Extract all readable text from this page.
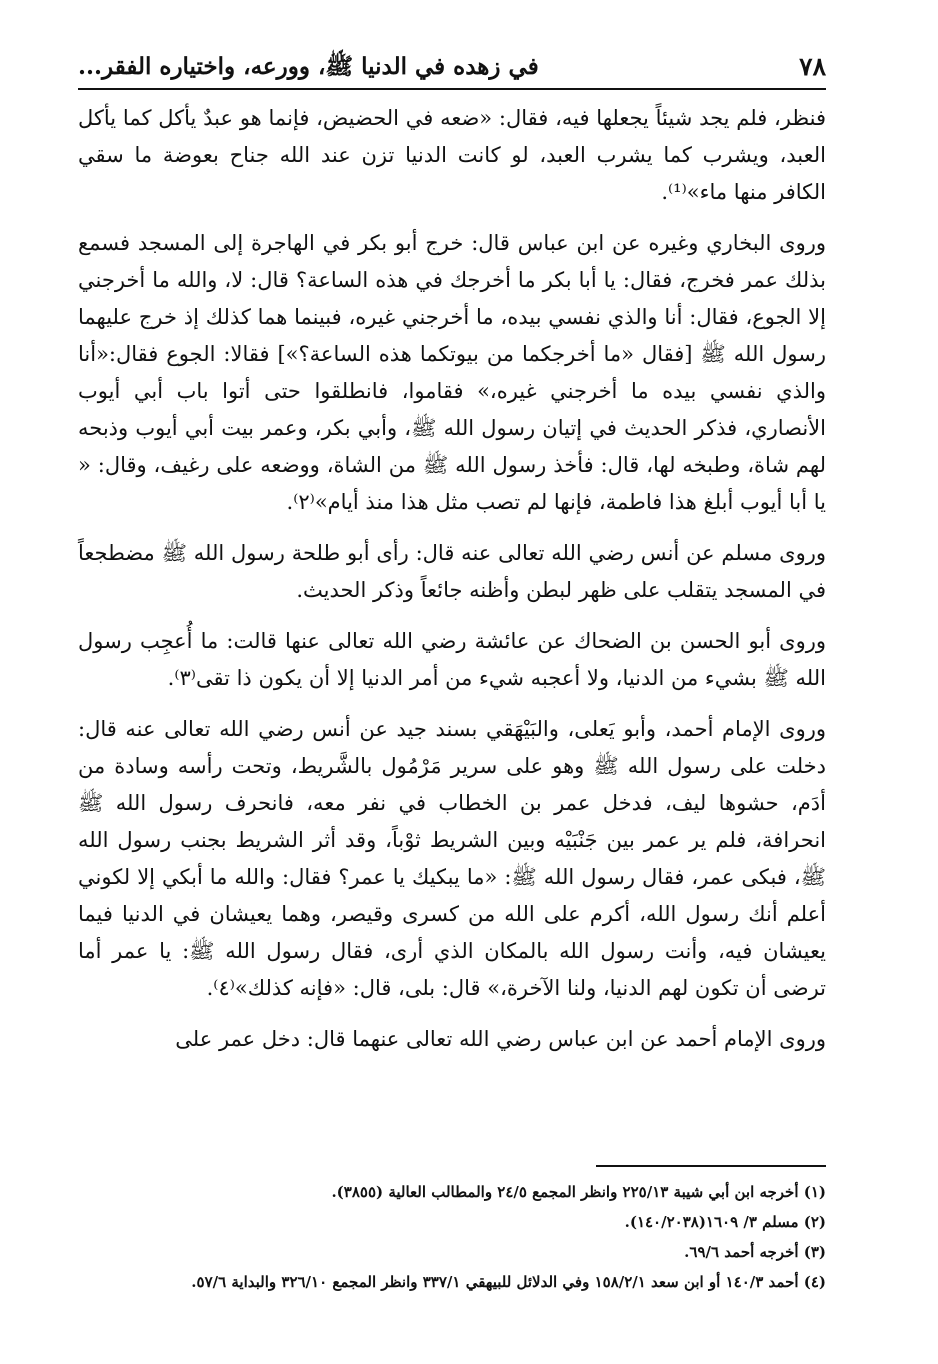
٧٨
في زهده في الدنيا ﷺ، وورعه، واختياره الفقر...

فنظر، فلم يجد شيئاً يجعلها فيه، فقال: «ضعه في الحضيض، فإنما هو عبدٌ يأكل كما يأكل العبد، ويشرب كما يشرب العبد، لو كانت الدنيا تزن عند الله جناح بعوضة ما سقي الكافر منها ماء»⁽¹⁾.

وروى البخاري وغيره عن ابن عباس قال: خرج أبو بكر في الهاجرة إلى المسجد فسمع بذلك عمر فخرج، فقال: يا أبا بكر ما أخرجك في هذه الساعة؟ قال: لا، والله ما أخرجني إلا الجوع، فقال: أنا والذي نفسي بيده، ما أخرجني غيره، فبينما هما كذلك إذ خرج عليهما رسول الله ﷺ [فقال «ما أخرجكما من بيوتكما هذه الساعة؟»] فقالا: الجوع فقال:«أنا والذي نفسي بيده ما أخرجني غيره،» فقاموا، فانطلقوا حتى أتوا باب أبي أيوب الأنصاري، فذكر الحديث في إتيان رسول الله ﷺ، وأبي بكر، وعمر بيت أبي أيوب وذبحه لهم شاة، وطبخه لها، قال: فأخذ رسول الله ﷺ من الشاة، ووضعه على رغيف، وقال: « يا أبا أيوب أبلغ هذا فاطمة، فإنها لم تصب مثل هذا منذ أيام»⁽٢⁾.

وروى مسلم عن أنس رضي الله تعالى عنه قال: رأى أبو طلحة رسول الله ﷺ مضطجعاً في المسجد يتقلب على ظهر لبطن وأظنه جائعاً وذكر الحديث.

وروى أبو الحسن بن الضحاك عن عائشة رضي الله تعالى عنها قالت: ما أُعجِب رسول الله ﷺ بشيء من الدنيا، ولا أعجبه شيء من أمر الدنيا إلا أن يكون ذا تقى⁽٣⁾.

وروى الإمام أحمد، وأبو يَعلى، والبَيْهَقي بسند جيد عن أنس رضي الله تعالى عنه قال: دخلت على رسول الله ﷺ وهو على سرير مَرْمُول بالشَّريط، وتحت رأسه وسادة من أدَم، حشوها ليف، فدخل عمر بن الخطاب في نفر معه، فانحرف رسول الله ﷺ انحرافة، فلم ير عمر بين جَنْبَيْه وبين الشريط ثوْباً، وقد أثر الشريط بجنب رسول الله ﷺ، فبكى عمر، فقال رسول الله ﷺ: «ما يبكيك يا عمر؟ فقال: والله ما أبكي إلا لكوني أعلم أنك رسول الله، أكرم على الله من كسرى وقيصر، وهما يعيشان في الدنيا فيما يعيشان فيه، وأنت رسول الله بالمكان الذي أرى، فقال رسول الله ﷺ: يا عمر أما ترضى أن تكون لهم الدنيا، ولنا الآخرة،» قال: بلى، قال: «فإنه كذلك»⁽٤⁾.

وروى الإمام أحمد عن ابن عباس رضي الله تعالى عنهما قال: دخل عمر على

(١) أخرجه ابن أبي شيبة ٢٢٥/١٣ وانظر المجمع ٢٤/٥ والمطالب العالية (٣٨٥٥).

(٢) مسلم ٣/ ١٦٠٩(١٤٠/٢٠٣٨).

(٣) أخرجه أحمد ٦٩/٦.

(٤) أحمد ١٤٠/٣ أو ابن سعد ١٥٨/٢/١ وفي الدلائل للبيهقي ٣٣٧/١ وانظر المجمع ٣٢٦/١٠ والبداية ٥٧/٦.
